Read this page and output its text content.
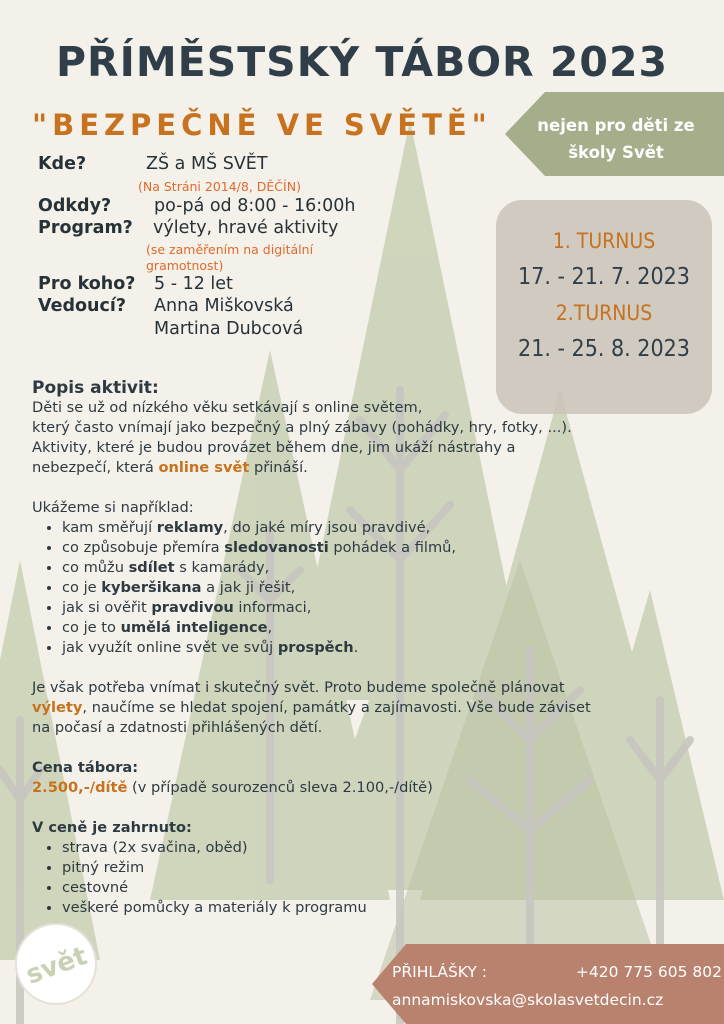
PŘÍMĚSTSKÝ TÁBOR 2023
"BEZPEČNĚ VE SVĚTĚ"	nejen pro děti ze
školy Svět
1. TURNUS
17. - 21. 7. 2023
2.TURNUS
21. - 25. 8. 2023
Kde?	ZŠ a MŠ SVĚT
(Na Stráni 2014/8, DĚČÍN)
Odkdy? po-pá od 8:00 - 16:00h
Program? výlety, hravé aktivity
(se zaměřením na digitální
gramotnost)
Pro koho? 5 - 12 let
Vedoucí? Anna Miškovská
Martina Dubcová
Popis aktivit:

Děti se už od nízkého věku setkávají s online světem,

který často vnímají jako bezpečný a plný zábavy (pohádky, hry, fotky, ...).

Aktivity, které je budou provázet během dne, jim ukáží nástrahy a

nebezpečí, která online svět přináší.

Ukážeme si například:

• kam směřují reklamy, do jaké míry jsou pravdivé,
• co způsobuje přemíra sledovanosti pohádek a filmů,
• co můžu sdílet s kamarády,
• co je kyberšikana a jak ji řešit,
• jak si ověřit pravdivou informaci,
• co je to umělá inteligence,
• jak využít online svět ve svůj prospěch.

Je však potřeba vnímat i skutečný svět. Proto budeme společně plánovat

výlety, naučíme se hledat spojení, památky a zajímavosti. Vše bude záviset

na počasí a zdatnosti přihlášených dětí.

Cena tábora:

2.500,-/dítě (v případě sourozenců sleva 2.100,-/dítě)

V ceně je zahrnuto:
• strava (2x svačina, oběd)
• pitný režim
• cestovné
• veškeré pomůcky a materiály k programu
svět	PŘIHLÁŠKY :	+420 775 605 802
annamiskovska@skolasvetdecin.cz
